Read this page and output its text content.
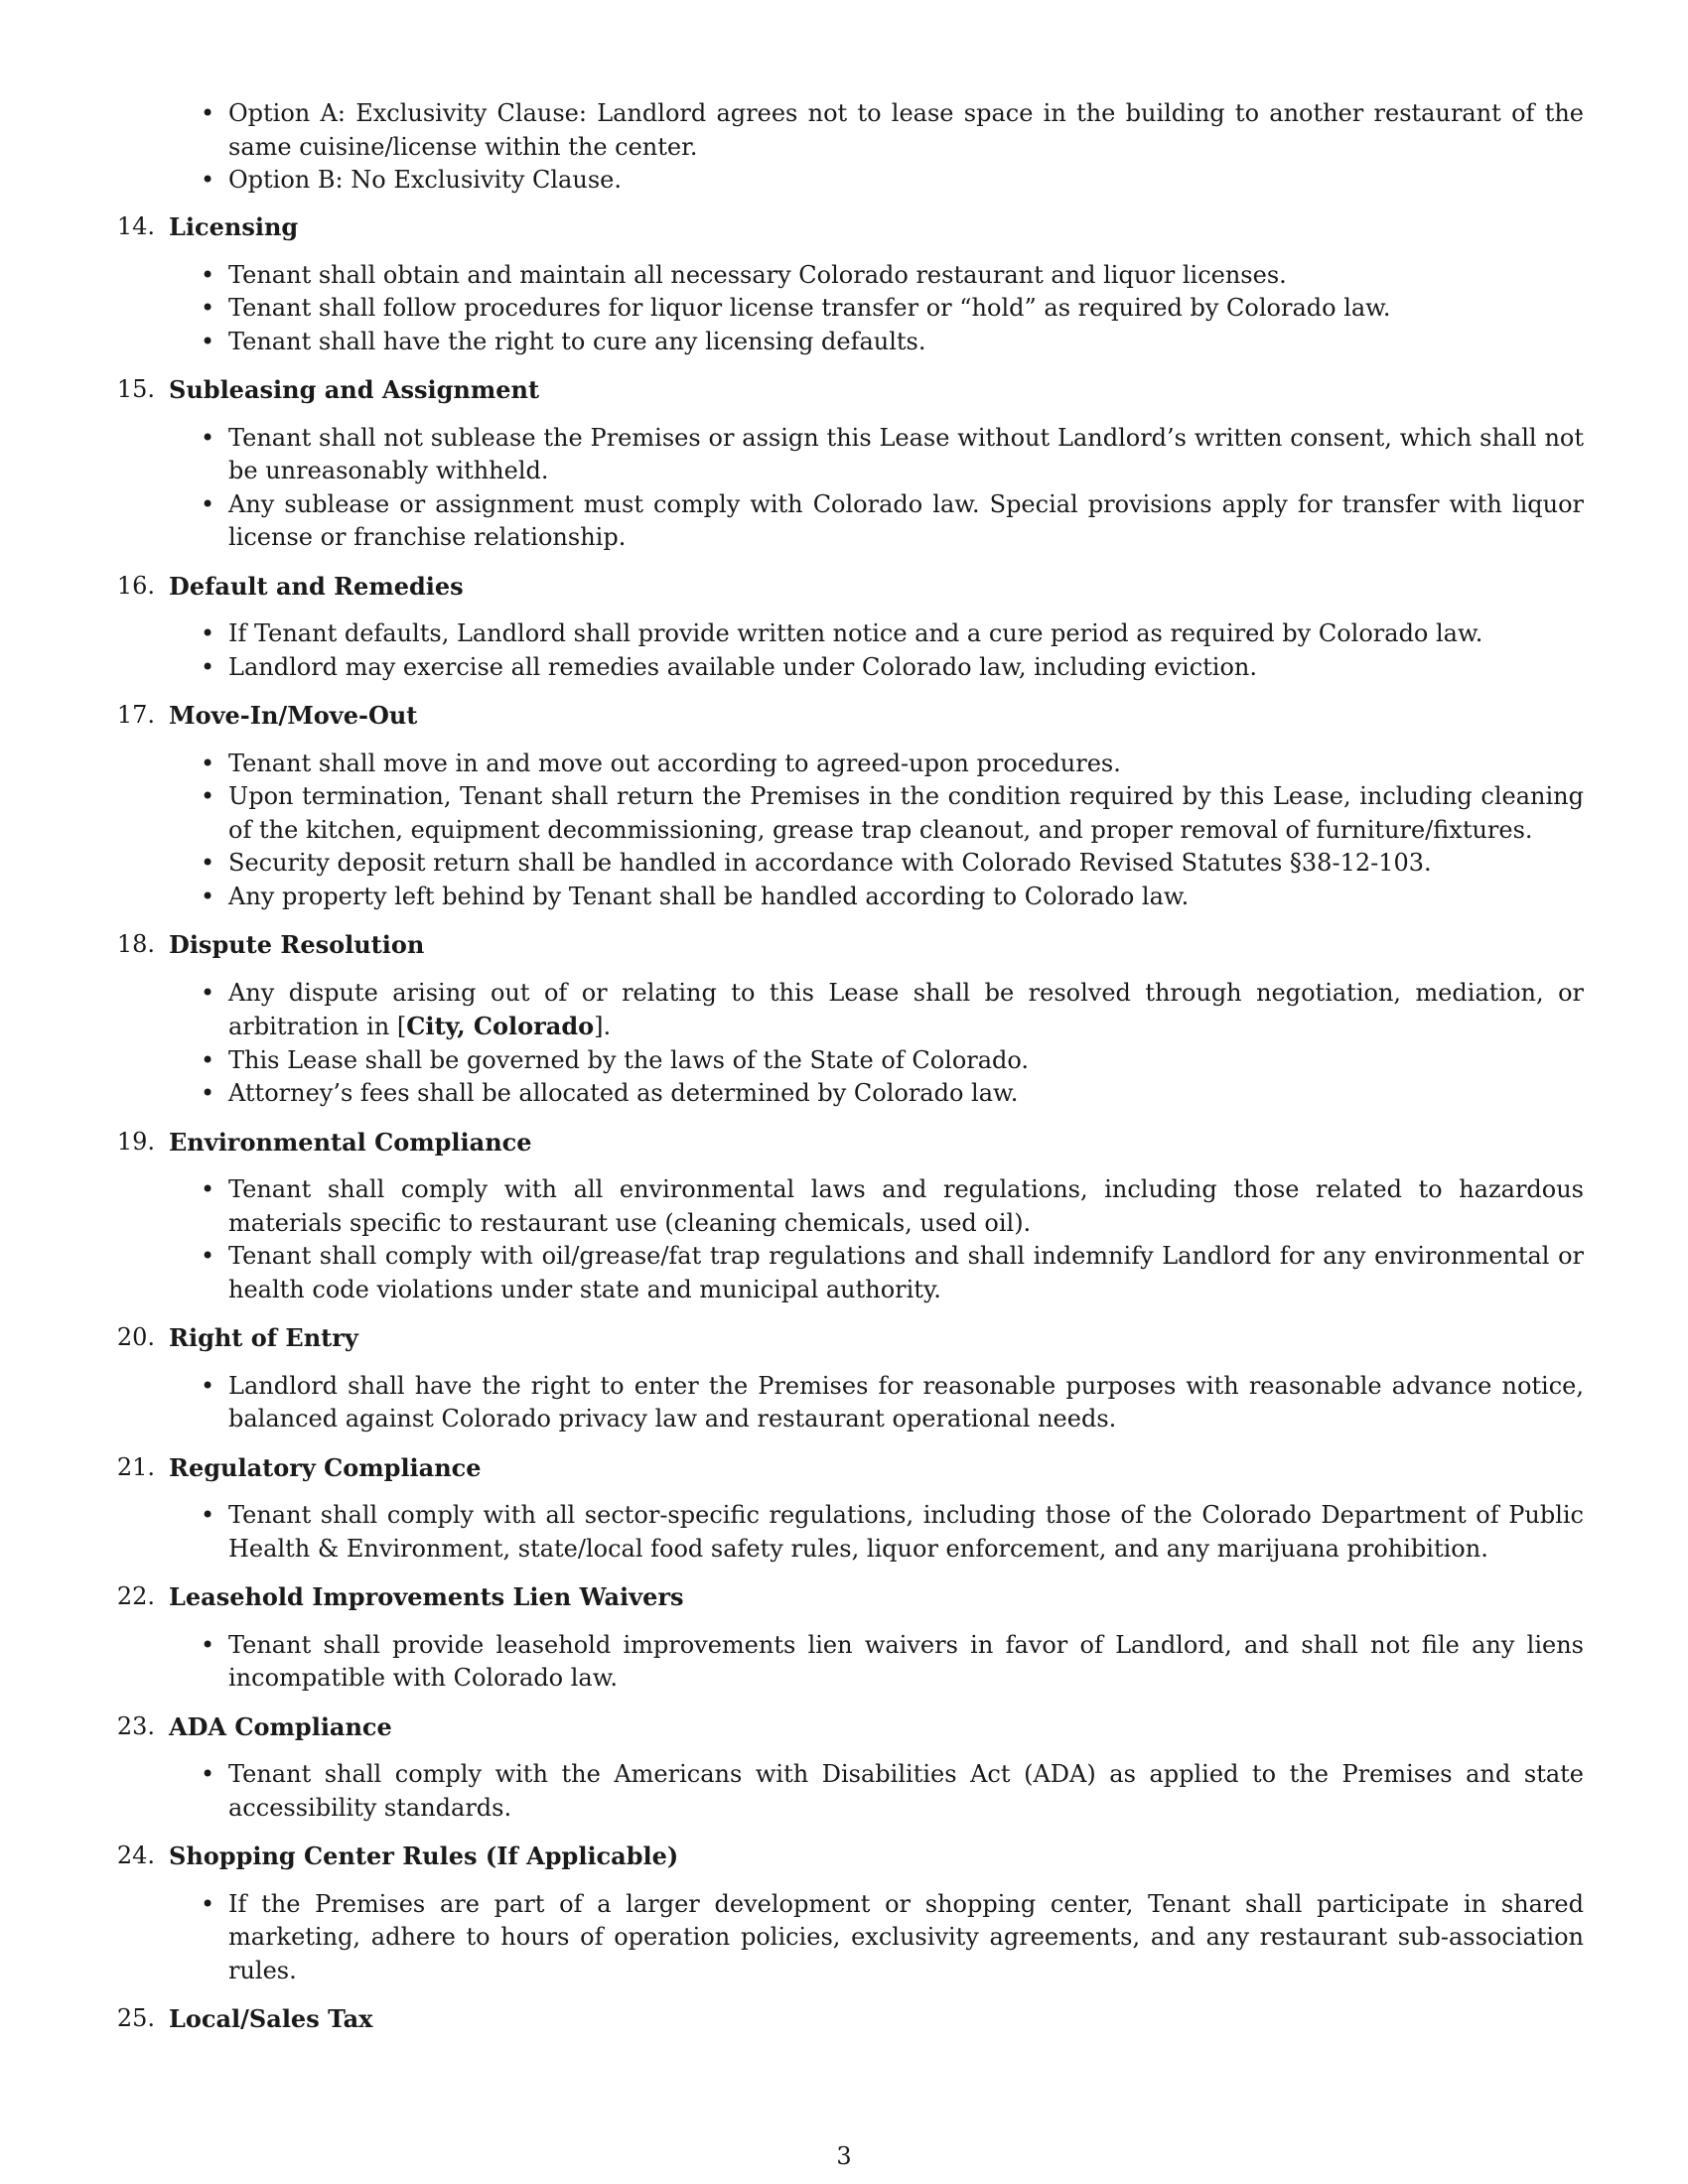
• Option A: Exclusivity Clause: Landlord agrees not to lease space in the building to another restaurant of the same cuisine/license within the center.
• Option B: No Exclusivity Clause.
14. Licensing
• Tenant shall obtain and maintain all necessary Colorado restaurant and liquor licenses.
• Tenant shall follow procedures for liquor license transfer or “hold” as required by Colorado law.
• Tenant shall have the right to cure any licensing defaults.
15. Subleasing and Assignment
• Tenant shall not sublease the Premises or assign this Lease without Landlord’s written consent, which shall not be unreasonably withheld.
• Any sublease or assignment must comply with Colorado law. Special provisions apply for transfer with liquor license or franchise relationship.
16. Default and Remedies
• If Tenant defaults, Landlord shall provide written notice and a cure period as required by Colorado law.
• Landlord may exercise all remedies available under Colorado law, including eviction.
17. Move-In/Move-Out
• Tenant shall move in and move out according to agreed-upon procedures.
• Upon termination, Tenant shall return the Premises in the condition required by this Lease, including cleaning of the kitchen, equipment decommissioning, grease trap cleanout, and proper removal of furniture/fixtures.
• Security deposit return shall be handled in accordance with Colorado Revised Statutes §38-12-103.
• Any property left behind by Tenant shall be handled according to Colorado law.
18. Dispute Resolution
• Any dispute arising out of or relating to this Lease shall be resolved through negotiation, mediation, or arbitration in [City, Colorado].
• This Lease shall be governed by the laws of the State of Colorado.
• Attorney’s fees shall be allocated as determined by Colorado law.
19. Environmental Compliance
• Tenant shall comply with all environmental laws and regulations, including those related to hazardous materials specific to restaurant use (cleaning chemicals, used oil).
• Tenant shall comply with oil/grease/fat trap regulations and shall indemnify Landlord for any environmental or health code violations under state and municipal authority.
20. Right of Entry
• Landlord shall have the right to enter the Premises for reasonable purposes with reasonable advance notice, balanced against Colorado privacy law and restaurant operational needs.
21. Regulatory Compliance
• Tenant shall comply with all sector-specific regulations, including those of the Colorado Department of Public Health & Environment, state/local food safety rules, liquor enforcement, and any marijuana prohibition.
22. Leasehold Improvements Lien Waivers
• Tenant shall provide leasehold improvements lien waivers in favor of Landlord, and shall not file any liens incompatible with Colorado law.
23. ADA Compliance
• Tenant shall comply with the Americans with Disabilities Act (ADA) as applied to the Premises and state accessibility standards.
24. Shopping Center Rules (If Applicable)
• If the Premises are part of a larger development or shopping center, Tenant shall participate in shared marketing, adhere to hours of operation policies, exclusivity agreements, and any restaurant sub-association rules.
25. Local/Sales Tax
3
